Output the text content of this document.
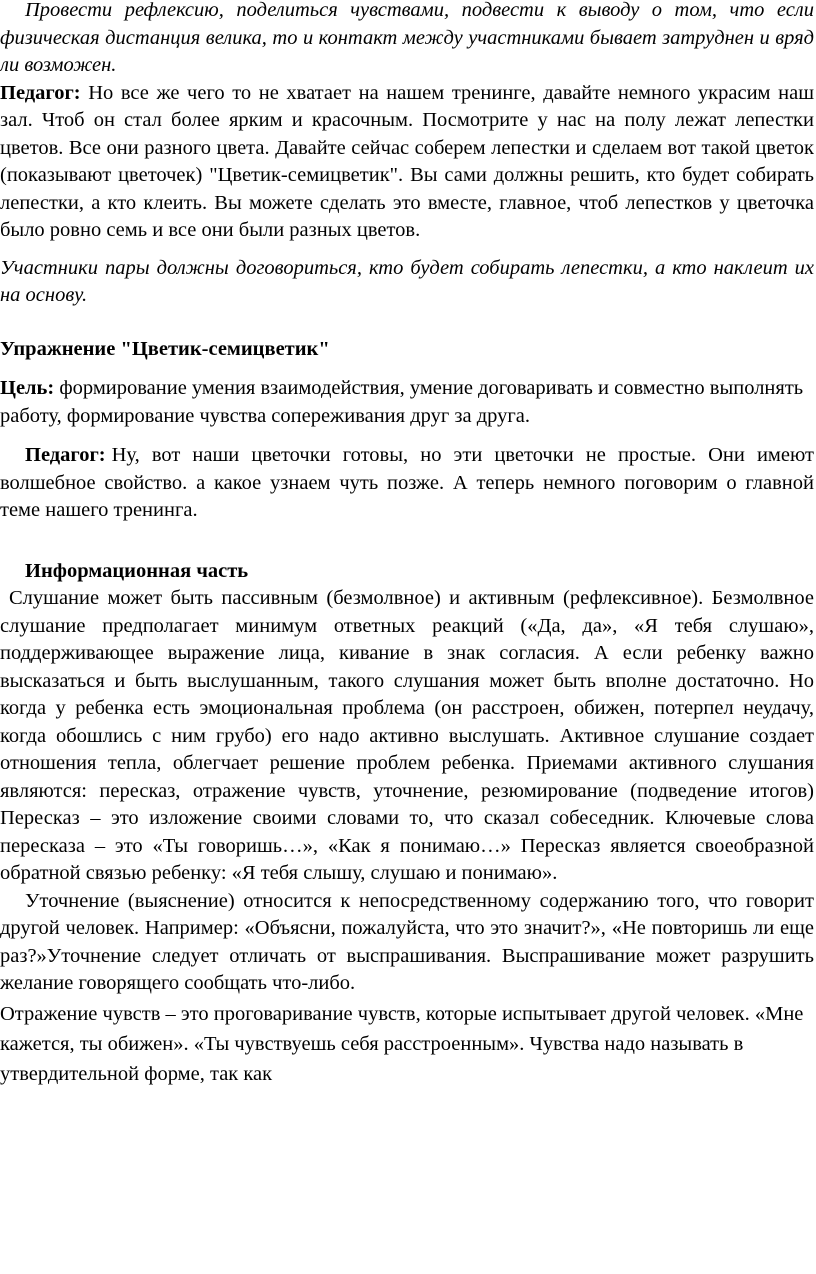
Провести рефлексию, поделиться чувствами, подвести к выводу о том, что если физическая дистанция велика, то и контакт между участниками бывает затруднен и вряд ли возможен.

Педагог: Но все же чего то не хватает на нашем тренинге, давайте немного украсим наш зал. Чтоб он стал более ярким и красочным. Посмотрите у нас на полу лежат лепестки цветов. Все они разного цвета. Давайте сейчас соберем лепестки и сделаем вот такой цветок (показывают цветочек) "Цветик-семицветик". Вы сами должны решить, кто будет собирать лепестки, а кто клеить. Вы можете сделать это вместе, главное, чтоб лепестков у цветочка было ровно семь и все они были разных цветов.

Участники пары должны договориться, кто будет собирать лепестки, а кто наклеит их на основу.

Упражнение "Цветик-семицветик"

Цель: формирование умения взаимодействия, умение договаривать и совместно выполнять работу, формирование чувства сопереживания друг за друга.

Педагог: Ну, вот наши цветочки готовы, но эти цветочки не простые. Они имеют волшебное свойство. а какое узнаем чуть позже. А теперь немного поговорим о главной теме нашего тренинга.

Информационная часть

Слушание может быть пассивным (безмолвное) и активным (рефлексивное). Безмолвное слушание предполагает минимум ответных реакций («Да, да», «Я тебя слушаю», поддерживающее выражение лица, кивание в знак согласия. А если ребенку важно высказаться и быть выслушанным, такого слушания может быть вполне достаточно. Но когда у ребенка есть эмоциональная проблема (он расстроен, обижен, потерпел неудачу, когда обошлись с ним грубо) его надо активно выслушать. Активное слушание создает отношения тепла, облегчает решение проблем ребенка. Приемами активного слушания являются: пересказ, отражение чувств, уточнение, резюмирование (подведение итогов) Пересказ – это изложение своими словами то, что сказал собеседник. Ключевые слова пересказа – это «Ты говоришь…», «Как я понимаю…» Пересказ является своеобразной обратной связью ребенку: «Я тебя слышу, слушаю и понимаю».

Уточнение (выяснение) относится к непосредственному содержанию того, что говорит другой человек. Например: «Объясни, пожалуйста, что это значит?», «Не повторишь ли еще раз?»Уточнение следует отличать от выспрашивания. Выспрашивание может разрушить желание говорящего сообщать что-либо.

Отражение чувств – это проговаривание чувств, которые испытывает другой человек. «Мне кажется, ты обижен». «Ты чувствуешь себя расстроенным». Чувства надо называть в утвердительной форме, так как
